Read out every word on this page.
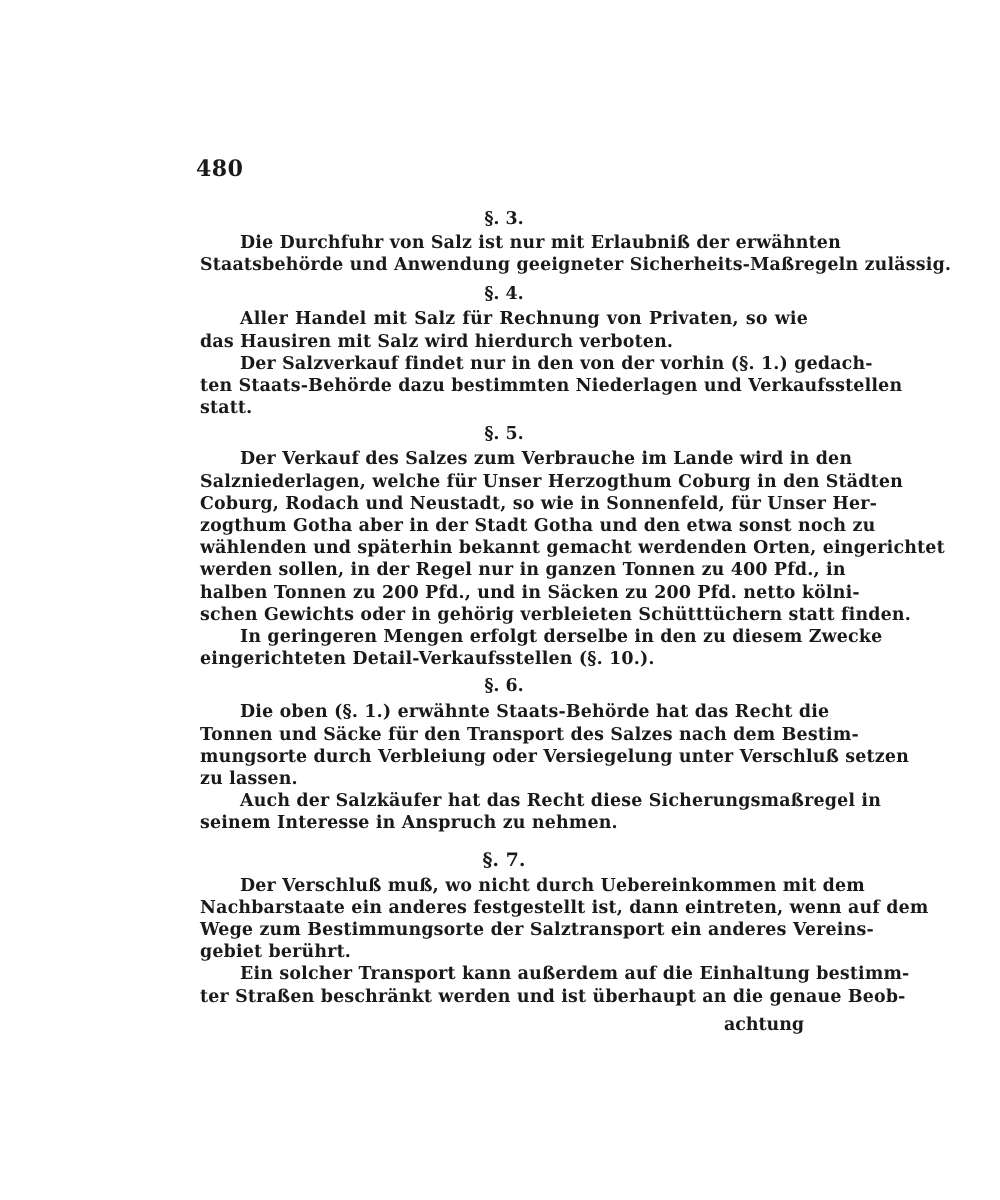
480
§. 3.

Die Durchfuhr von Salz ist nur mit Erlaubniß der erwähnten
Staatsbehörde und Anwendung geeigneter Sicherheits-Maßregeln zulässig.

§. 4.

Aller Handel mit Salz für Rechnung von Privaten, so wie
das Hausiren mit Salz wird hierdurch verboten.

Der Salzverkauf findet nur in den von der vorhin (§. 1.) gedach-
ten Staats-Behörde dazu bestimmten Niederlagen und Verkaufsstellen
statt.

§. 5.

Der Verkauf des Salzes zum Verbrauche im Lande wird in den
Salzniederlagen, welche für Unser Herzogthum Coburg in den Städten
Coburg, Rodach und Neustadt, so wie in Sonnenfeld, für Unser Her-
zogthum Gotha aber in der Stadt Gotha und den etwa sonst noch zu
wählenden und späterhin bekannt gemacht werdenden Orten, eingerichtet
werden sollen, in der Regel nur in ganzen Tonnen zu 400 Pfd., in
halben Tonnen zu 200 Pfd., und in Säcken zu 200 Pfd. netto kölni-
schen Gewichts oder in gehörig verbleieten Schütttüchern statt finden.

In geringeren Mengen erfolgt derselbe in den zu diesem Zwecke
eingerichteten Detail-Verkaufsstellen (§. 10.).

§. 6.

Die oben (§. 1.) erwähnte Staats-Behörde hat das Recht die
Tonnen und Säcke für den Transport des Salzes nach dem Bestim-
mungsorte durch Verbleiung oder Versiegelung unter Verschluß setzen
zu lassen.

Auch der Salzkäufer hat das Recht diese Sicherungsmaßregel in
seinem Interesse in Anspruch zu nehmen.

§. 7.

Der Verschluß muß, wo nicht durch Uebereinkommen mit dem
Nachbarstaate ein anderes festgestellt ist, dann eintreten, wenn auf dem
Wege zum Bestimmungsorte der Salztransport ein anderes Vereins-
gebiet berührt.

Ein solcher Transport kann außerdem auf die Einhaltung bestimm-
ter Straßen beschränkt werden und ist überhaupt an die genaue Beob-

achtung
